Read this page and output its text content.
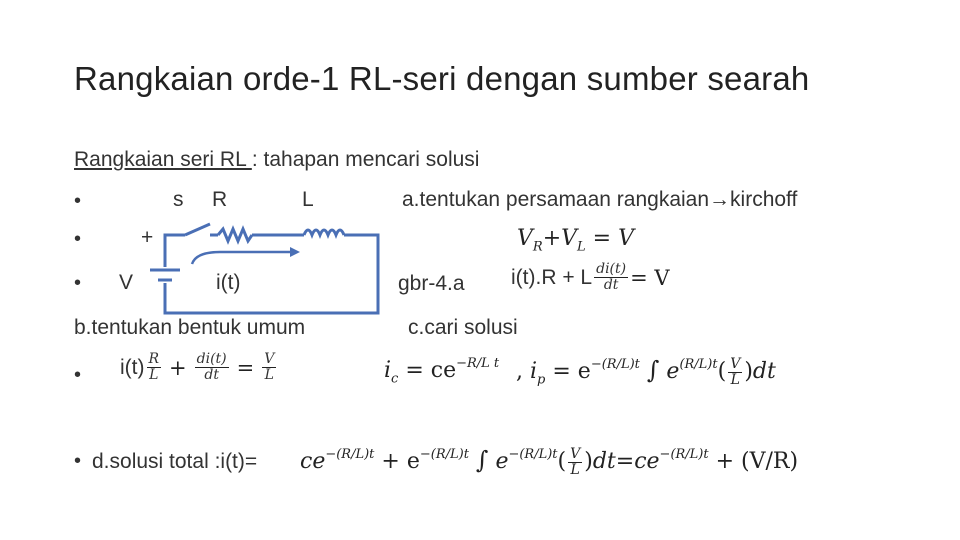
Rangkaian orde-1 RL-seri dengan sumber searah
Rangkaian seri RL : tahapan mencari solusi
•
•
•
•
•
s R	L
+
V	i(t)
a.tentukan persamaan rangkaian→kirchoff
$V_R+V_L = V$
gbr-4.a i(t).R + L $\frac{di(t)}{dt} = V$
b.tentukan bentuk umum
$i(t) \frac{R}{L} + \frac{di(t)}{dt} = \frac{V}{L}$
c.cari solusi
$i_c = ce^{-R/L t}$ , $i_p = e^{-(R/L)t}$ ∫ $e^{(R/L)t}( \frac{V}{L} )dt$
d.solusi total :i(t)= $ce^{-(R/L)t} + e^{-(R/L)t}$ ∫ $e^{-(R/L)t}( \frac{V}{L} )dt=ce^{-(R/L)t} + (V/R)$
